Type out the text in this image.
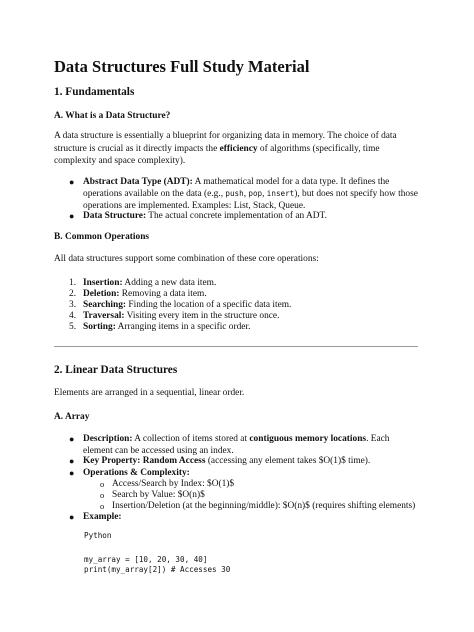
Data Structures Full Study Material
1. Fundamentals
A. What is a Data Structure?

A data structure is essentially a blueprint for organizing data in memory. The choice of data
structure is crucial as it directly impacts the efficiency of algorithms (specifically, time
complexity and space complexity).

● Abstract Data Type (ADT): A mathematical model for a data type. It defines the
operations available on the data (e.g., push, pop, insert), but does not specify how those
operations are implemented. Examples: List, Stack, Queue.
● Data Structure: The actual concrete implementation of an ADT.
B. Common Operations

All data structures support some combination of these core operations:

1. Insertion: Adding a new data item.
2. Deletion: Removing a data item.
3. Searching: Finding the location of a specific data item.
4. Traversal: Visiting every item in the structure once.
5. Sorting: Arranging items in a specific order.
2. Linear Data Structures

Elements are arranged in a sequential, linear order.

A. Array
● Description: A collection of items stored at contiguous memory locations. Each
element can be accessed using an index.
● Key Property: Random Access (accessing any element takes $O(1)$ time).
● Operations & Complexity:
o Access/Search by Index: $O(1)$
o Search by Value: $O(n)$
o Insertion/Deletion (at the beginning/middle): $O(n)$ (requires shifting elements)
● Example:
Python
my_array = [10, 20, 30, 40]
print(my_array[2]) # Accesses 30
